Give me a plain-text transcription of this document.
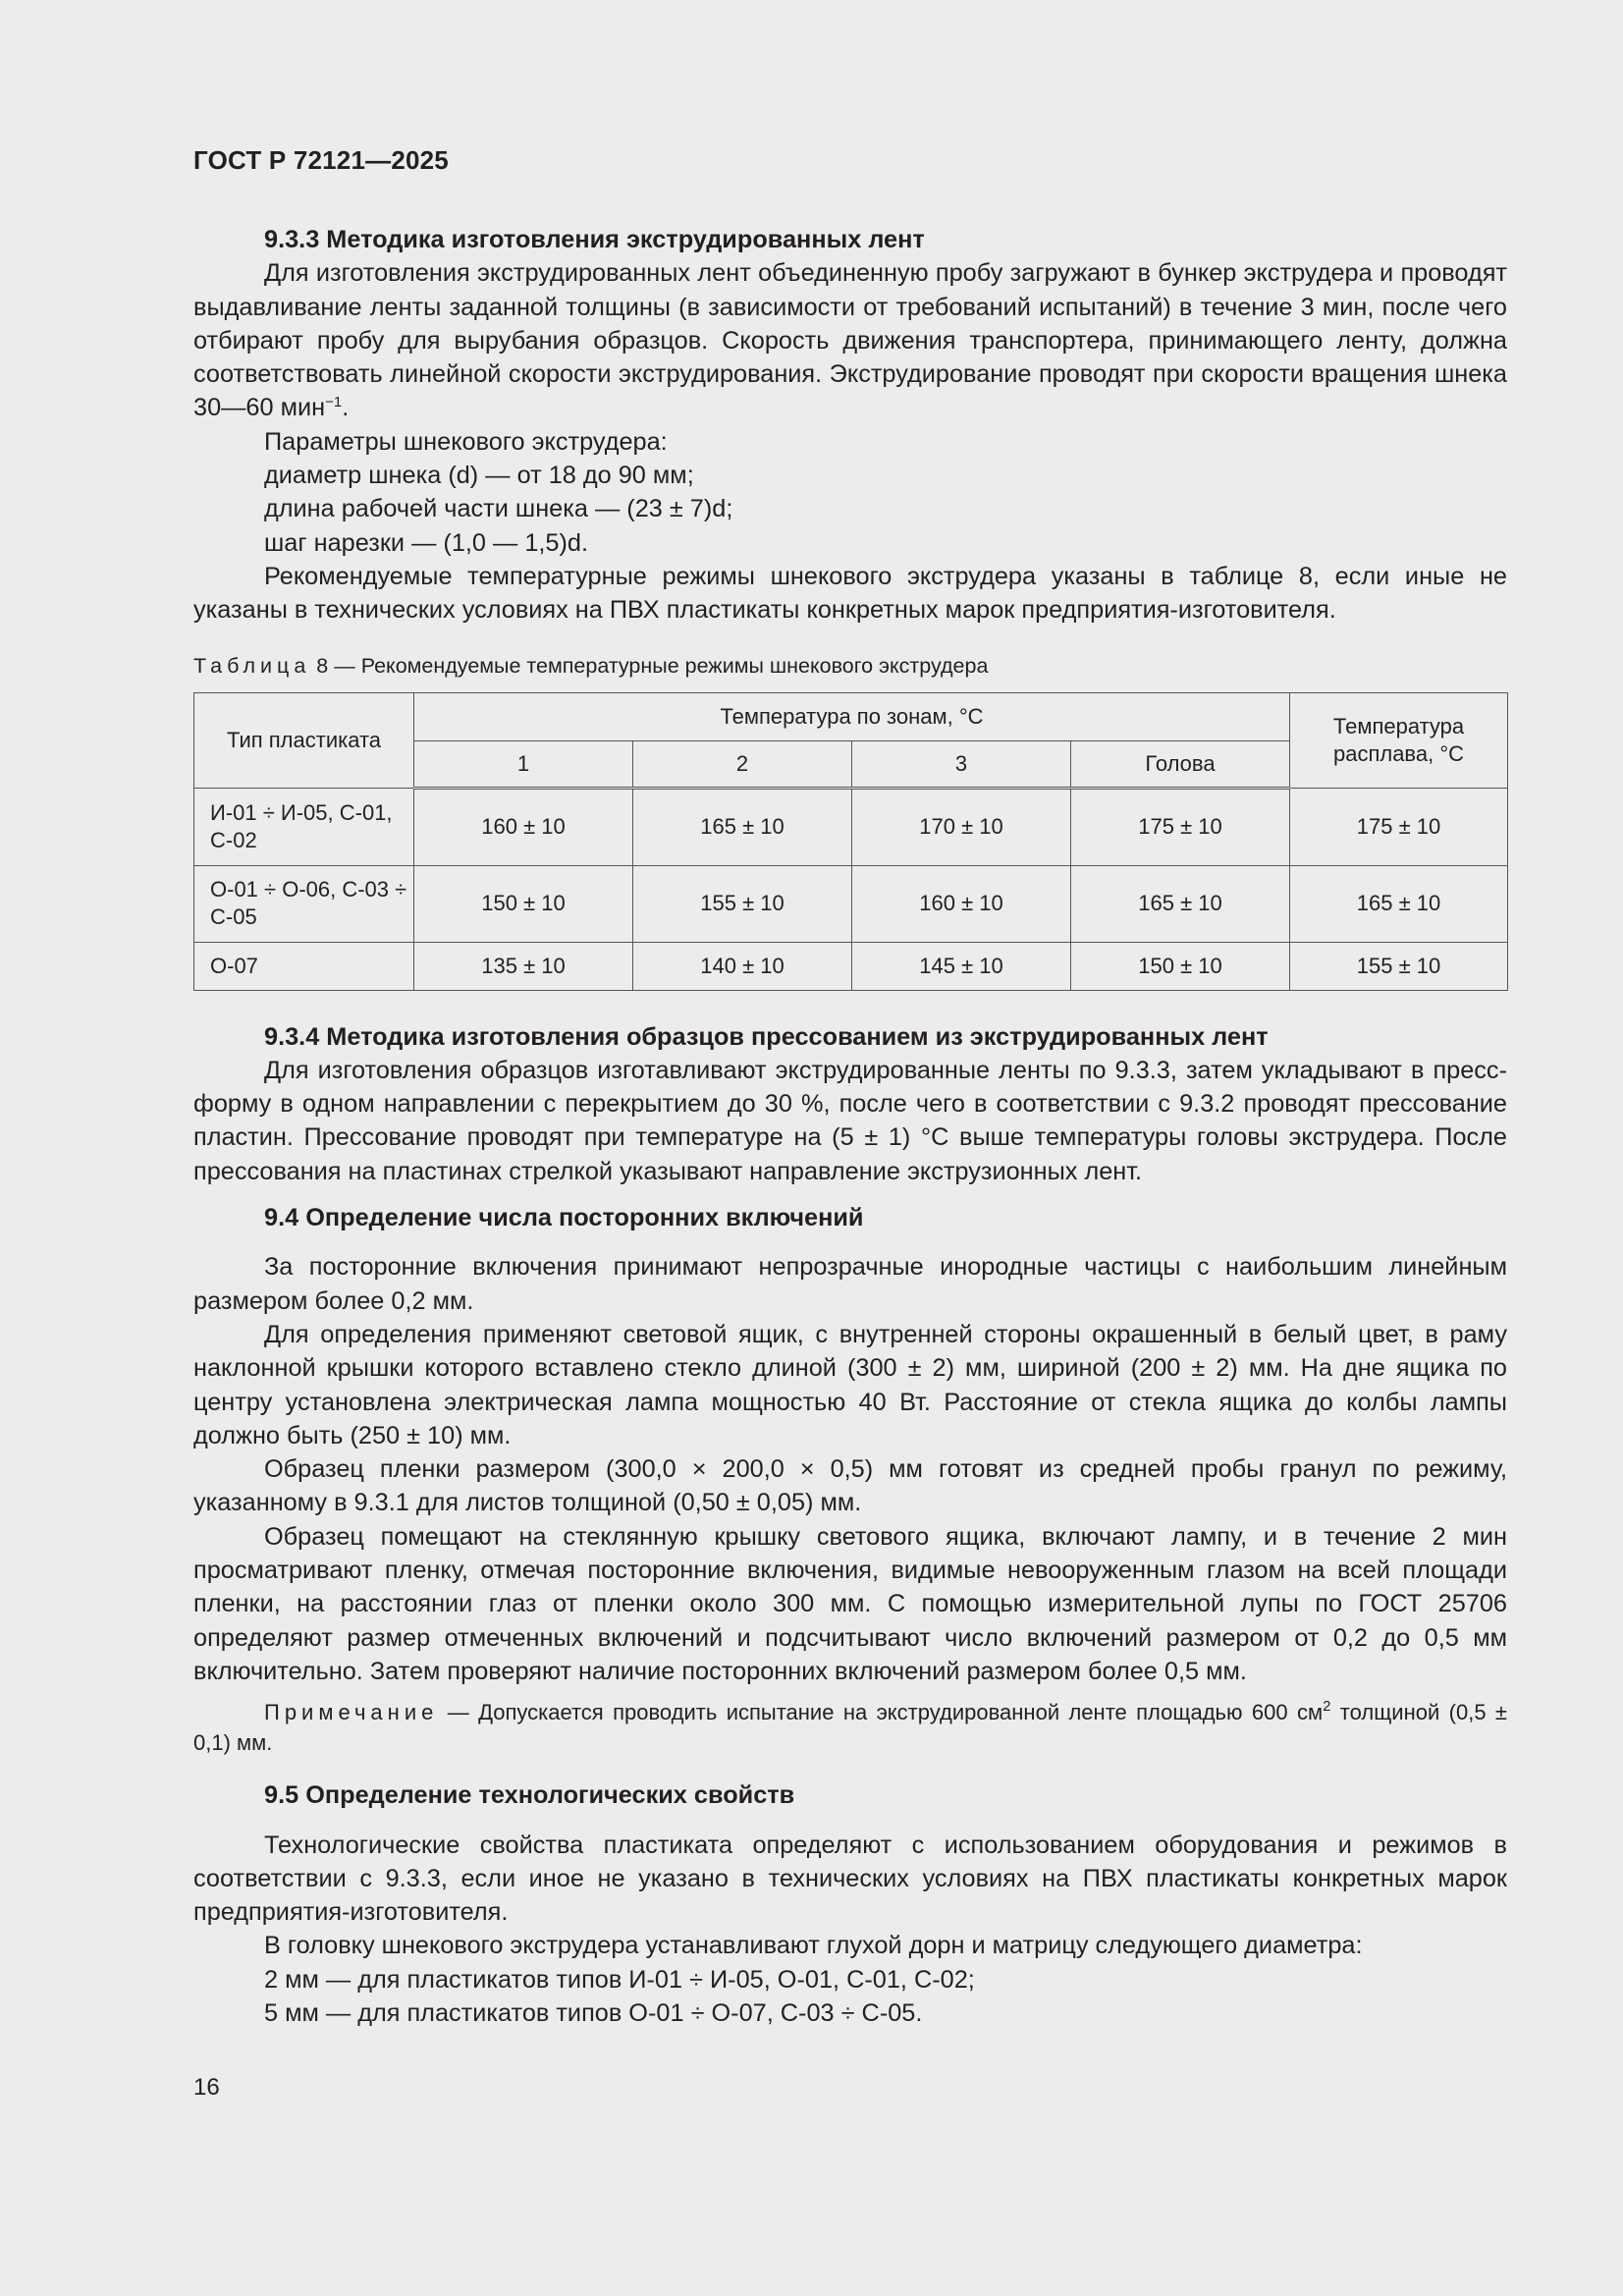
ГОСТ Р 72121—2025

9.3.3 Методика изготовления экструдированных лент

Для изготовления экструдированных лент объединенную пробу загружают в бункер экструдера и проводят выдавливание ленты заданной толщины (в зависимости от требований испытаний) в течение 3 мин, после чего отбирают пробу для вырубания образцов. Скорость движения транспортера, принимающего ленту, должна соответствовать линейной скорости экструдирования. Экструдирование проводят при скорости вращения шнека 30—60 мин$^{-1}$.

Параметры шнекового экструдера:

диаметр шнека (d) — от 18 до 90 мм;

длина рабочей части шнека — (23 ± 7)d;

шаг нарезки — (1,0 — 1,5)d.

Рекомендуемые температурные режимы шнекового экструдера указаны в таблице 8, если иные не указаны в технических условиях на ПВХ пластикаты конкретных марок предприятия-изготовителя.

Таблица 8 — Рекомендуемые температурные режимы шнекового экструдера
Тип пластиката	Температура по зонам, °С				Температура расплава, °С
	1	2	3	Голова	
И-01 ÷ И-05, С-01, С-02	160 ± 10	165 ± 10	170 ± 10	175 ± 10	175 ± 10
О-01 ÷ О-06, С-03 ÷ С-05	150 ± 10	155 ± 10	160 ± 10	165 ± 10	165 ± 10
О-07	135 ± 10	140 ± 10	145 ± 10	150 ± 10	155 ± 10

9.3.4 Методика изготовления образцов прессованием из экструдированных лент

Для изготовления образцов изготавливают экструдированные ленты по 9.3.3, затем укладывают в пресс-форму в одном направлении с перекрытием до 30 %, после чего в соответствии с 9.3.2 проводят прессование пластин. Прессование проводят при температуре на (5 ± 1) °С выше температуры головы экструдера. После прессования на пластинах стрелкой указывают направление экструзионных лент.

9.4 Определение числа посторонних включений

За посторонние включения принимают непрозрачные инородные частицы с наибольшим линейным размером более 0,2 мм.

Для определения применяют световой ящик, с внутренней стороны окрашенный в белый цвет, в раму наклонной крышки которого вставлено стекло длиной (300 ± 2) мм, шириной (200 ± 2) мм. На дне ящика по центру установлена электрическая лампа мощностью 40 Вт. Расстояние от стекла ящика до колбы лампы должно быть (250 ± 10) мм.

Образец пленки размером (300,0 × 200,0 × 0,5) мм готовят из средней пробы гранул по режиму, указанному в 9.3.1 для листов толщиной (0,50 ± 0,05) мм.

Образец помещают на стеклянную крышку светового ящика, включают лампу, и в течение 2 мин просматривают пленку, отмечая посторонние включения, видимые невооруженным глазом на всей площади пленки, на расстоянии глаз от пленки около 300 мм. С помощью измерительной лупы по ГОСТ 25706 определяют размер отмеченных включений и подсчитывают число включений размером от 0,2 до 0,5 мм включительно. Затем проверяют наличие посторонних включений размером более 0,5 мм.

Примечание — Допускается проводить испытание на экструдированной ленте площадью 600 $см^2$ толщиной (0,5 ± 0,1) мм.

9.5 Определение технологических свойств

Технологические свойства пластиката определяют с использованием оборудования и режимов в соответствии с 9.3.3, если иное не указано в технических условиях на ПВХ пластикаты конкретных марок предприятия-изготовителя.

В головку шнекового экструдера устанавливают глухой дорн и матрицу следующего диаметра:

2 мм — для пластикатов типов И-01 ÷ И-05, О-01, С-01, С-02;

5 мм — для пластикатов типов О-01 ÷ О-07, С-03 ÷ С-05.

16
